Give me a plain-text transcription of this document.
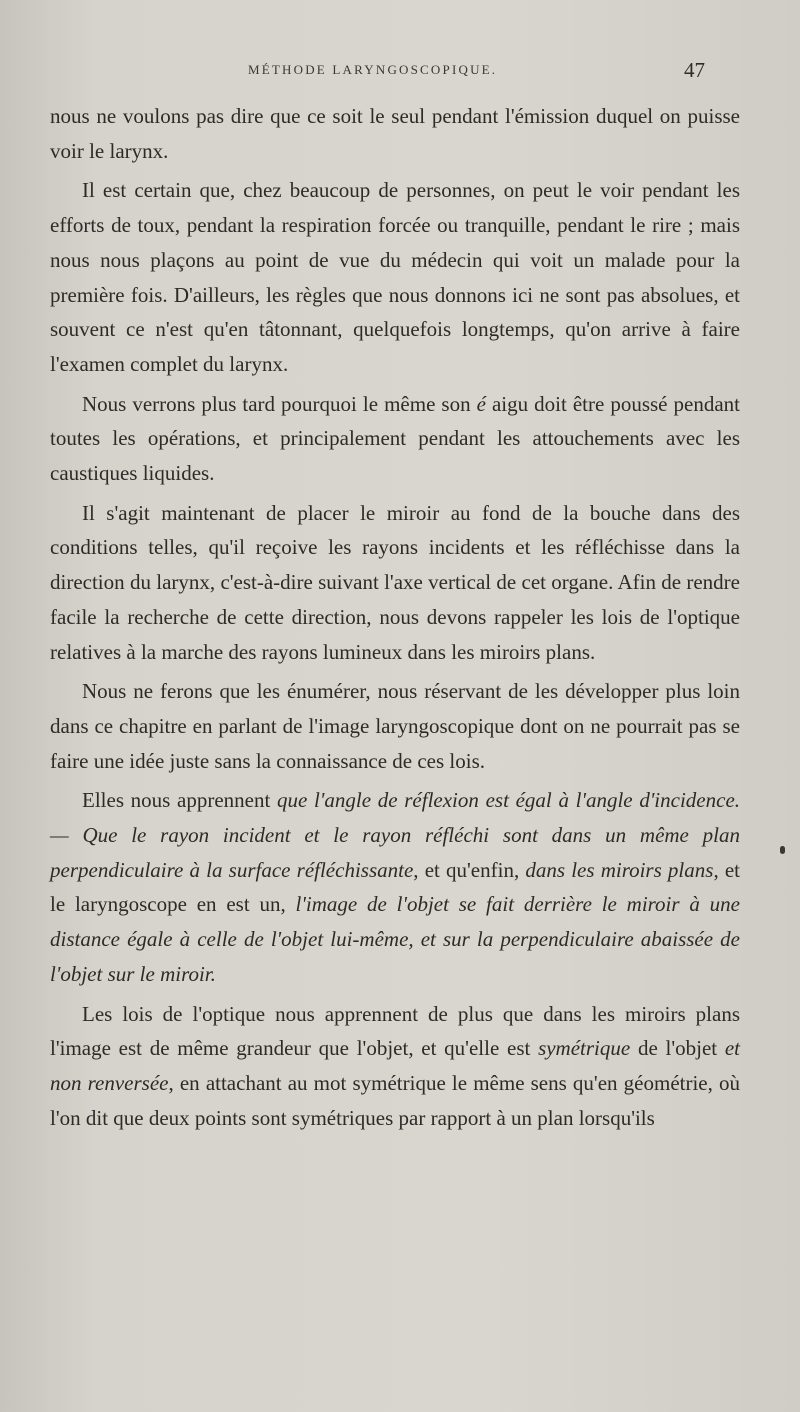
MÉTHODE LARYNGOSCOPIQUE.	47

nous ne voulons pas dire que ce soit le seul pendant l'émission duquel on puisse voir le larynx.

Il est certain que, chez beaucoup de personnes, on peut le voir pendant les efforts de toux, pendant la respiration forcée ou tranquille, pendant le rire ; mais nous nous plaçons au point de vue du médecin qui voit un malade pour la première fois. D'ailleurs, les règles que nous donnons ici ne sont pas absolues, et souvent ce n'est qu'en tâtonnant, quelquefois longtemps, qu'on arrive à faire l'examen complet du larynx.

Nous verrons plus tard pourquoi le même son é aigu doit être poussé pendant toutes les opérations, et principalement pendant les attouchements avec les caustiques liquides.

Il s'agit maintenant de placer le miroir au fond de la bouche dans des conditions telles, qu'il reçoive les rayons incidents et les réfléchisse dans la direction du larynx, c'est-à-dire suivant l'axe vertical de cet organe. Afin de rendre facile la recherche de cette direction, nous devons rappeler les lois de l'optique relatives à la marche des rayons lumineux dans les miroirs plans.

Nous ne ferons que les énumérer, nous réservant de les développer plus loin dans ce chapitre en parlant de l'image laryngoscopique dont on ne pourrait pas se faire une idée juste sans la connaissance de ces lois.

Elles nous apprennent que l'angle de réflexion est égal à l'angle d'incidence. — Que le rayon incident et le rayon réfléchi sont dans un même plan perpendiculaire à la surface réfléchissante, et qu'enfin, dans les miroirs plans, et le laryngoscope en est un, l'image de l'objet se fait derrière le miroir à une distance égale à celle de l'objet lui-même, et sur la perpendiculaire abaissée de l'objet sur le miroir.

Les lois de l'optique nous apprennent de plus que dans les miroirs plans l'image est de même grandeur que l'objet, et qu'elle est symétrique de l'objet et non renversée, en attachant au mot symétrique le même sens qu'en géométrie, où l'on dit que deux points sont symétriques par rapport à un plan lorsqu'ils
